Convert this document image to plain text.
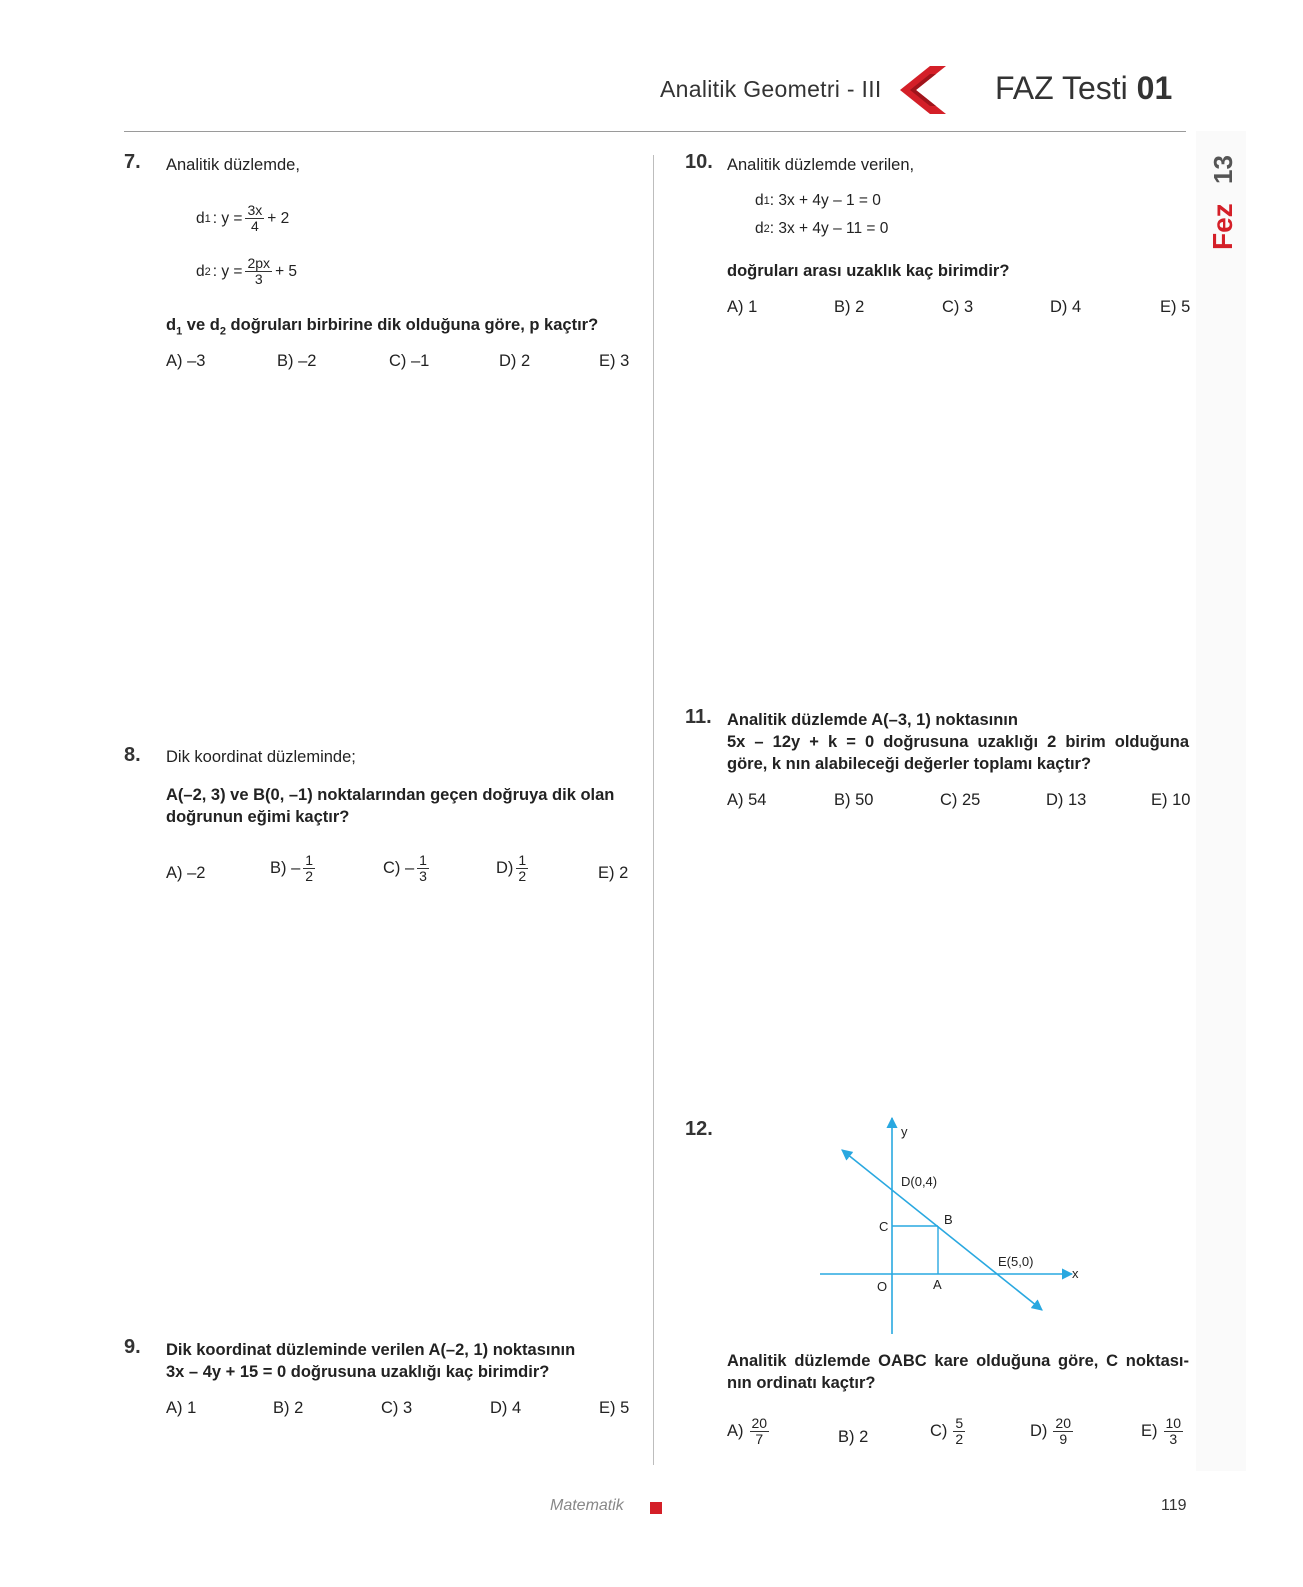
Analitik Geometri - III	FAZ Testi 01
13
Fez
7. Analitik düzlemde,
d 1 : $y = \frac{3x}{4} + 2$
d 2 : $y = \frac{2px}{3} + 5$
$d_1$ ve $d_2$ doğruları birbirine dik olduğuna göre, p kaçtır?
A) –3	B) –2	C) –1	D) 2	E) 3
8. Dik koordinat düzleminde;
A(–2, 3) ve B(0, –1) noktalarından geçen doğruya dik olan
doğrunun eğimi kaçtır?
A) –2	$B) - \frac{1}{2}$	$C) - \frac{1}{3}$	$D) \frac{1}{2}$	E) 2
9. Dik koordinat düzleminde verilen A(–2, 1) noktasının
3x – 4y + 15 = 0 doğrusuna uzaklığı kaç birimdir?
A) 1	B) 2	C) 3	D) 4	E) 5
10. Analitik düzlemde verilen,
d 1 : 3x + 4y – 1 = 0
d 2 : 3x + 4y – 11 = 0
doğruları arası uzaklık kaç birimdir?
A) 1	B) 2	C) 3	D) 4	E) 5
11. Analitik düzlemde A(–3, 1) noktasının
5x – 12y + k = 0 doğrusuna uzaklığı 2 birim olduğuna
göre, k nın alabileceği değerler toplamı kaçtır?
A) 54	B) 50	C) 25	D) 13	E) 10
12.	y
x
D(0,4)
B
C
E(5,0)
A
O
Analitik düzlemde OABC kare olduğuna göre, C noktası-
nın ordinatı kaçtır?
$A) \frac{20}{7}$	B) 2	$C) \frac{5}{2}$	$D) \frac{20}{9}$	$E) \frac{10}{3}$
Matematik	119
